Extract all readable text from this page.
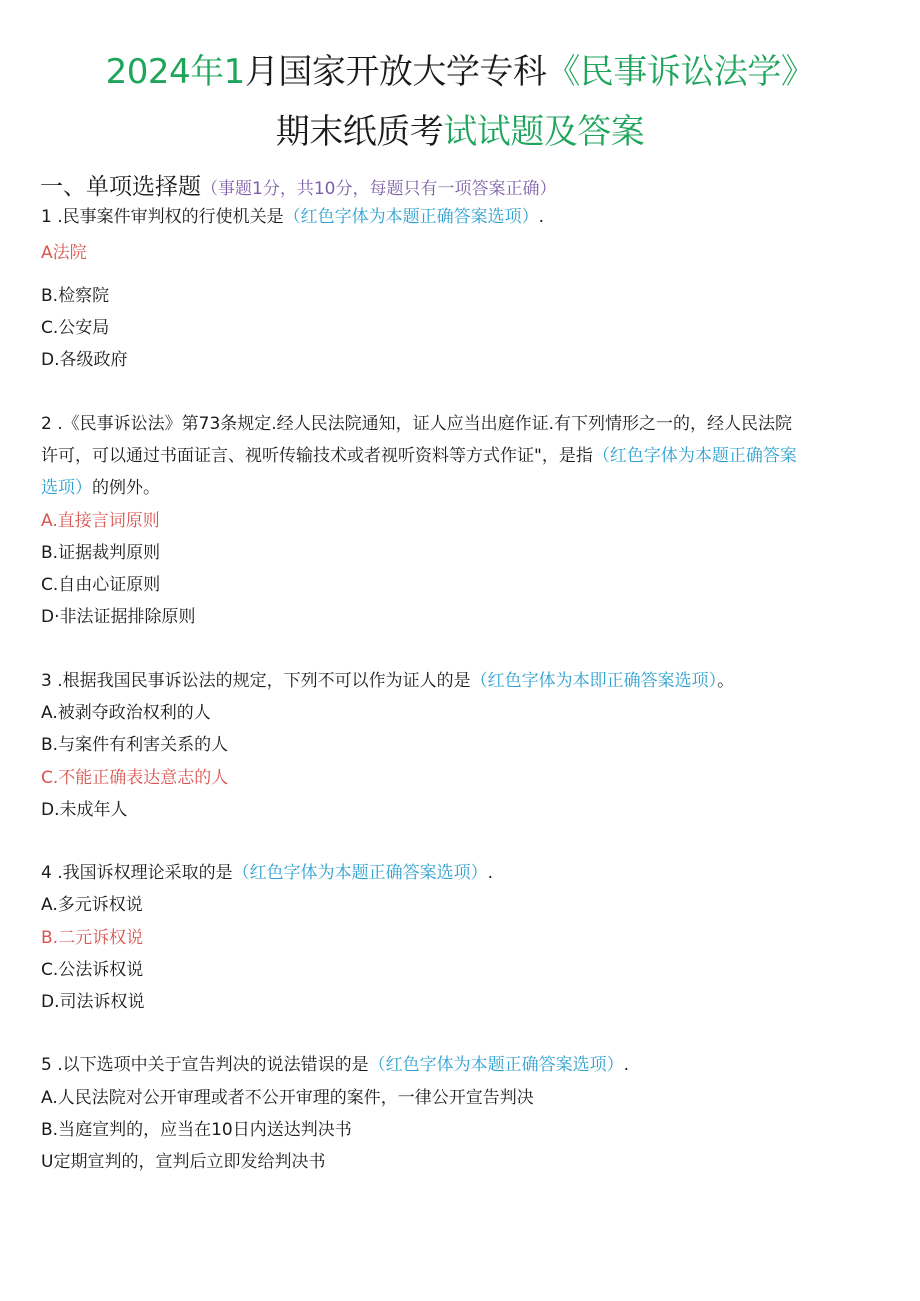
2024年1月国家开放大学专科《民事诉讼法学》
期末纸质考试试题及答案
一、单项选择题（事题1分，共10分，每题只有一项答案正确）
1 .民事案件审判权的行使机关是（红色字体为本题正确答案选项）.
A法院
B.检察院
C.公安局
D.各级政府
2 .《民事诉讼法》第73条规定.经人民法院通知，证人应当出庭作证.有下列情形之一的，经人民法院
许可，可以通过书面证言、视听传输技术或者视听资料等方式作证"，是指（红色字体为本题正确答案
选项）的例外。
A.直接言词原则
B.证据裁判原则
C.自由心证原则
D·非法证据排除原则
3 .根据我国民事诉讼法的规定，下列不可以作为证人的是（红色字体为本即正确答案选项）。
A.被剥夺政治权利的人
B.与案件有利害关系的人
C.不能正确表达意志的人
D.未成年人
4 .我国诉权理论采取的是（红色字体为本题正确答案选项）.
A.多元诉权说
B.二元诉权说
C.公法诉权说
D.司法诉权说
5 .以下选项中关于宣告判决的说法错误的是（红色字体为本题正确答案选项）.
A.人民法院对公开审理或者不公开审理的案件，一律公开宣告判决
B.当庭宣判的，应当在10日内送达判决书
U定期宣判的，宣判后立即发给判决书
